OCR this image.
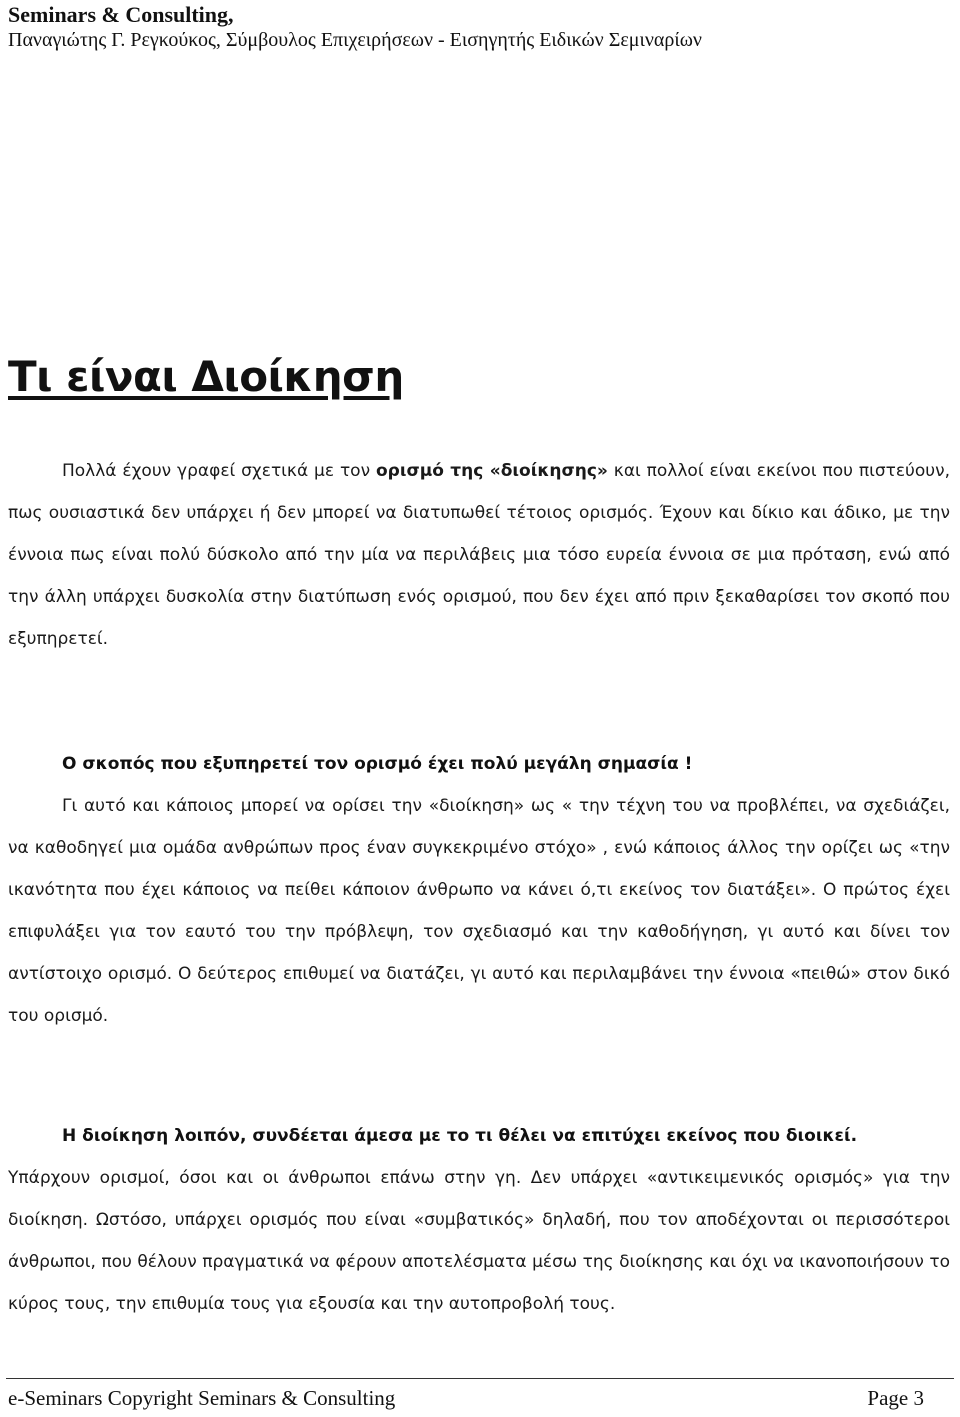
Seminars & Consulting,
Παναγιώτης Γ. Ρεγκούκος, Σύμβουλος Επιχειρήσεων - Εισηγητής Ειδικών Σεμιναρίων
Τι είναι Διοίκηση
Πολλά έχουν γραφεί σχετικά με τον ορισμό της «διοίκησης» και πολλοί είναι εκείνοι που πιστεύουν, πως ουσιαστικά δεν υπάρχει ή δεν μπορεί να διατυπωθεί τέτοιος ορισμός. Έχουν και δίκιο και άδικο, με την έννοια πως είναι πολύ δύσκολο από την μία να περιλάβεις μια τόσο ευρεία έννοια σε μια πρόταση, ενώ από την άλλη υπάρχει δυσκολία στην διατύπωση ενός ορισμού, που δεν έχει από πριν ξεκαθαρίσει τον σκοπό που εξυπηρετεί.
Ο σκοπός που εξυπηρετεί τον ορισμό έχει πολύ μεγάλη σημασία !
Γι αυτό και κάποιος μπορεί να ορίσει την «διοίκηση» ως « την τέχνη του να προβλέπει, να σχεδιάζει, να καθοδηγεί μια ομάδα ανθρώπων προς έναν συγκεκριμένο στόχο» , ενώ κάποιος άλλος την ορίζει ως «την ικανότητα που έχει κάποιος να πείθει κάποιον άνθρωπο να κάνει ό,τι εκείνος τον διατάξει». Ο πρώτος έχει επιφυλάξει για τον εαυτό του την πρόβλεψη, τον σχεδιασμό και την καθοδήγηση, γι αυτό και δίνει τον αντίστοιχο ορισμό. Ο δεύτερος επιθυμεί να διατάζει, γι αυτό και περιλαμβάνει την έννοια «πειθώ» στον δικό του ορισμό.
Η διοίκηση λοιπόν, συνδέεται άμεσα με το τι θέλει να επιτύχει εκείνος που διοικεί.
Υπάρχουν ορισμοί, όσοι και οι άνθρωποι επάνω στην γη. Δεν υπάρχει «αντικειμενικός ορισμός» για την διοίκηση. Ωστόσο, υπάρχει ορισμός που είναι «συμβατικός» δηλαδή, που τον αποδέχονται οι περισσότεροι άνθρωποι, που θέλουν πραγματικά να φέρουν αποτελέσματα μέσω της διοίκησης και όχι να ικανοποιήσουν το κύρος τους, την επιθυμία τους για εξουσία και την αυτοπροβολή τους.
e-Seminars Copyright Seminars & Consulting	Page 3
